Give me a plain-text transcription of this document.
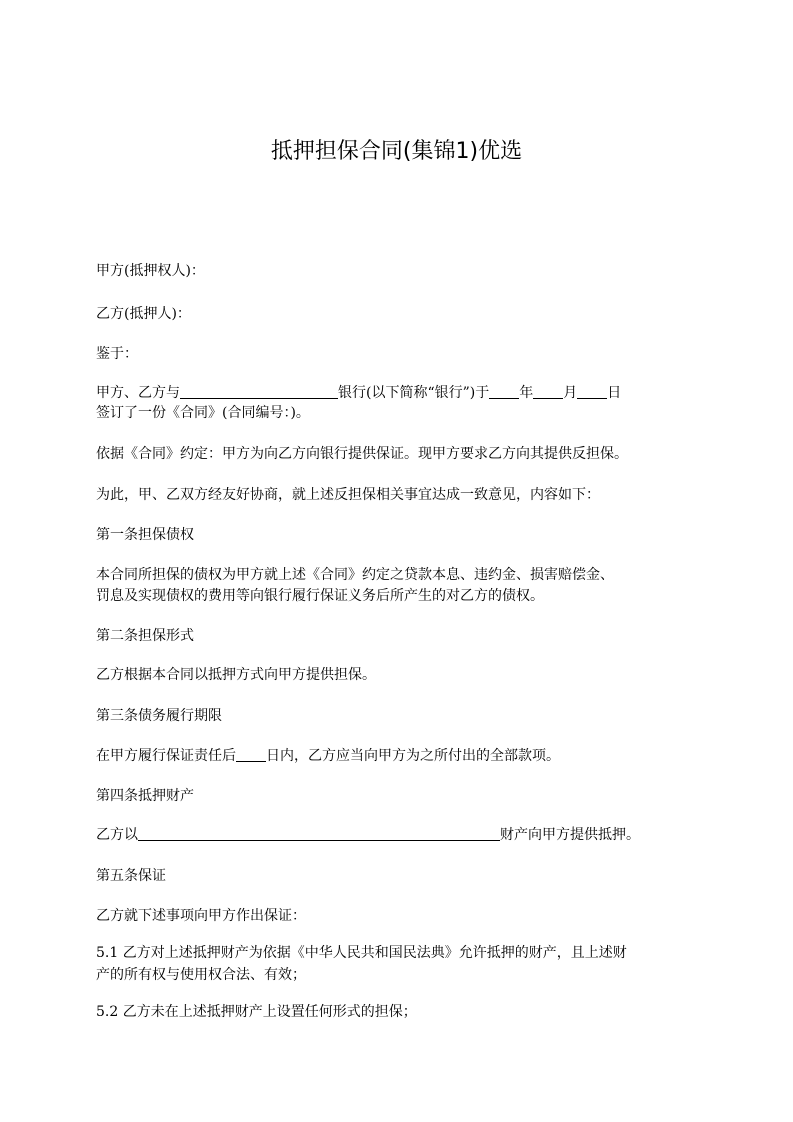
抵押担保合同(集锦1)优选
甲方(抵押权人)：
乙方(抵押人)：
鉴于：
甲方、乙方与	银行(以下简称“银行”)于 年 月 日
签订了一份《合同》(合同编号：)。
依据《合同》约定：甲方为向乙方向银行提供保证。现甲方要求乙方向其提供反担保。
为此，甲、乙双方经友好协商，就上述反担保相关事宜达成一致意见，内容如下：
第一条担保债权
本合同所担保的债权为甲方就上述《合同》约定之贷款本息、违约金、损害赔偿金、
罚息及实现债权的费用等向银行履行保证义务后所产生的对乙方的债权。
第二条担保形式
乙方根据本合同以抵押方式向甲方提供担保。
第三条债务履行期限
在甲方履行保证责任后 日内，乙方应当向甲方为之所付出的全部款项。
第四条抵押财产
乙方以	财产向甲方提供抵押。
第五条保证
乙方就下述事项向甲方作出保证：
5.1 乙方对上述抵押财产为依据《中华人民共和国民法典》允许抵押的财产，且上述财
产的所有权与使用权合法、有效；
5.2 乙方未在上述抵押财产上设置任何形式的担保；
